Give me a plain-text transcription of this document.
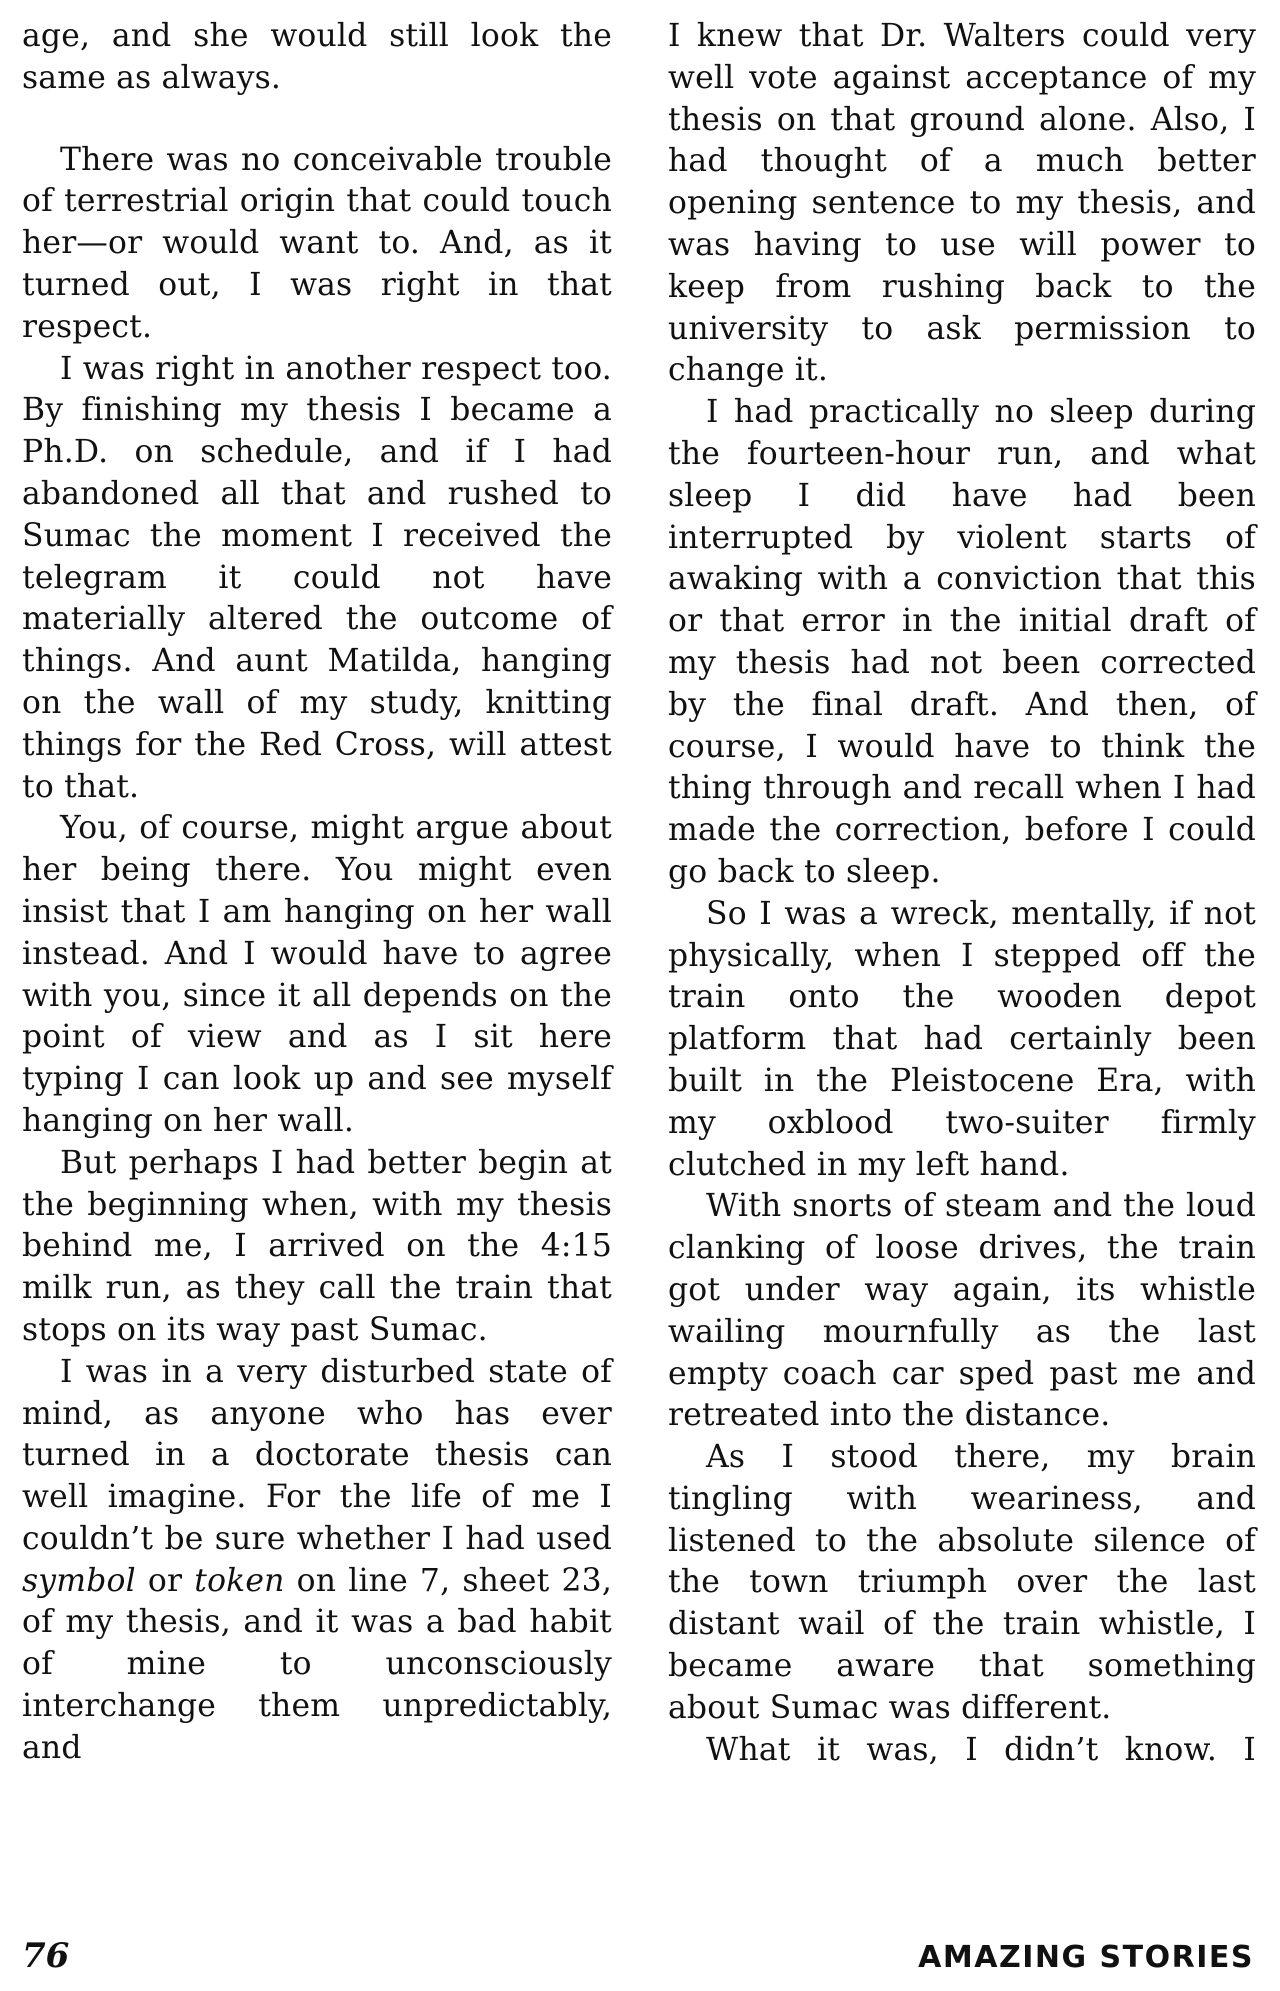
age, and she would still look the same as always.

There was no conceivable trouble of terrestrial origin that could touch her—or would want to. And, as it turned out, I was right in that respect.

I was right in another respect too. By finishing my thesis I became a Ph.D. on schedule, and if I had abandoned all that and rushed to Sumac the moment I received the telegram it could not have materially altered the outcome of things. And aunt Matilda, hanging on the wall of my study, knitting things for the Red Cross, will attest to that.

You, of course, might argue about her being there. You might even insist that I am hanging on her wall instead. And I would have to agree with you, since it all depends on the point of view and as I sit here typing I can look up and see myself hanging on her wall.

But perhaps I had better begin at the beginning when, with my thesis behind me, I arrived on the 4:15 milk run, as they call the train that stops on its way past Sumac.

I was in a very disturbed state of mind, as anyone who has ever turned in a doctorate thesis can well imagine. For the life of me I couldn’t be sure whether I had used symbol or token on line 7, sheet 23, of my thesis, and it was a bad habit of mine to unconsciously interchange them unpredictably, and

I knew that Dr. Walters could very well vote against acceptance of my thesis on that ground alone. Also, I had thought of a much better opening sentence to my thesis, and was having to use will power to keep from rushing back to the university to ask permission to change it.

I had practically no sleep during the fourteen-hour run, and what sleep I did have had been interrupted by violent starts of awaking with a conviction that this or that error in the initial draft of my thesis had not been corrected by the final draft. And then, of course, I would have to think the thing through and recall when I had made the correction, before I could go back to sleep.

So I was a wreck, mentally, if not physically, when I stepped off the train onto the wooden depot platform that had certainly been built in the Pleistocene Era, with my oxblood two-suiter firmly clutched in my left hand.

With snorts of steam and the loud clanking of loose drives, the train got under way again, its whistle wailing mournfully as the last empty coach car sped past me and retreated into the distance.

As I stood there, my brain tingling with weariness, and listened to the absolute silence of the town triumph over the last distant wail of the train whistle, I became aware that something about Sumac was different.

What it was, I didn’t know. I

76	AMAZING STORIES
